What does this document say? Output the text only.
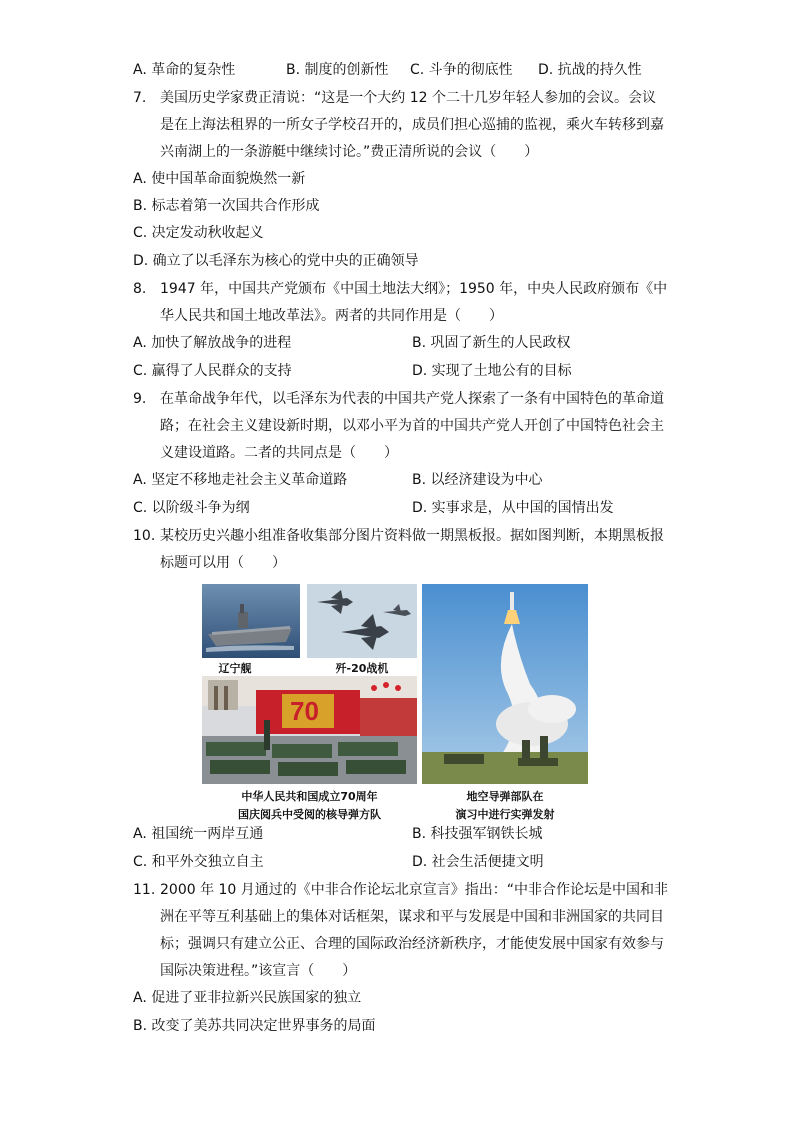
A. 革命的复杂性	B. 制度的创新性 C. 斗争的彻底性 D. 抗战的持久性
7. 美国历史学家费正清说：“这是一个大约 12 个二十几岁年轻人参加的会议。会议
是在上海法租界的一所女子学校召开的，成员们担心巡捕的监视，乘火车转移到嘉
兴南湖上的一条游艇中继续讨论。”费正清所说的会议（　　）
A. 使中国革命面貌焕然一新
B. 标志着第一次国共合作形成
C. 决定发动秋收起义
D. 确立了以毛泽东为核心的党中央的正确领导
8. 1947 年，中国共产党颁布《中国土地法大纲》；1950 年，中央人民政府颁布《中
华人民共和国土地改革法》。两者的共同作用是（　　）
A. 加快了解放战争的进程	B. 巩固了新生的人民政权
C. 赢得了人民群众的支持	D. 实现了土地公有的目标
9. 在革命战争年代，以毛泽东为代表的中国共产党人探索了一条有中国特色的革命道
路；在社会主义建设新时期，以邓小平为首的中国共产党人开创了中国特色社会主
义建设道路。二者的共同点是（　　）
A. 坚定不移地走社会主义革命道路	B. 以经济建设为中心
C. 以阶级斗争为纲	D. 实事求是，从中国的国情出发
10. 某校历史兴趣小组准备收集部分图片资料做一期黑板报。据如图判断，本期黑板报
标题可以用（　　）
辽宁舰	歼-20战机
70
中华人民共和国成立70周年
国庆阅兵中受阅的核导弹方队
地空导弹部队在
演习中进行实弹发射
A. 祖国统一两岸互通	B. 科技强军钢铁长城
C. 和平外交独立自主	D. 社会生活便捷文明
11. 2000 年 10 月通过的《中非合作论坛北京宣言》指出：“中非合作论坛是中国和非
洲在平等互利基础上的集体对话框架，谋求和平与发展是中国和非洲国家的共同目
标；强调只有建立公正、合理的国际政治经济新秩序，才能使发展中国家有效参与
国际决策进程。”该宣言（　　）
A. 促进了亚非拉新兴民族国家的独立
B. 改变了美苏共同决定世界事务的局面
